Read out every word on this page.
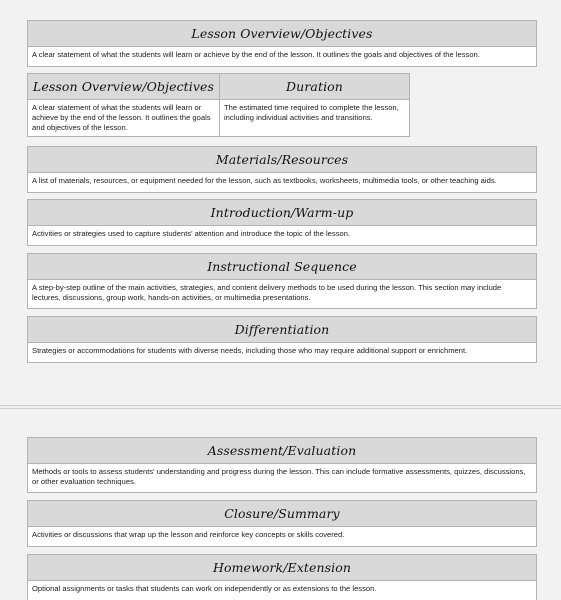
Lesson Overview/Objectives
A clear statement of what the students will learn or achieve by the end of the lesson. It outlines the goals and objectives of the lesson.
Lesson Overview/Objectives
A clear statement of what the students will learn or achieve by the end of the lesson. It outlines the goals and objectives of the lesson.
Duration
The estimated time required to complete the lesson, including individual activities and transitions.
Materials/Resources
A list of materials, resources, or equipment needed for the lesson, such as textbooks, worksheets, multimedia tools, or other teaching aids.
Introduction/Warm-up
Activities or strategies used to capture students' attention and introduce the topic of the lesson.
Instructional Sequence
A step-by-step outline of the main activities, strategies, and content delivery methods to be used during the lesson. This section may include lectures, discussions, group work, hands-on activities, or multimedia presentations.
Differentiation
Strategies or accommodations for students with diverse needs, including those who may require additional support or enrichment.
Assessment/Evaluation
Methods or tools to assess students' understanding and progress during the lesson. This can include formative assessments, quizzes, discussions, or other evaluation techniques.
Closure/Summary
Activities or discussions that wrap up the lesson and reinforce key concepts or skills covered.
Homework/Extension
Optional assignments or tasks that students can work on independently or as extensions to the lesson.
